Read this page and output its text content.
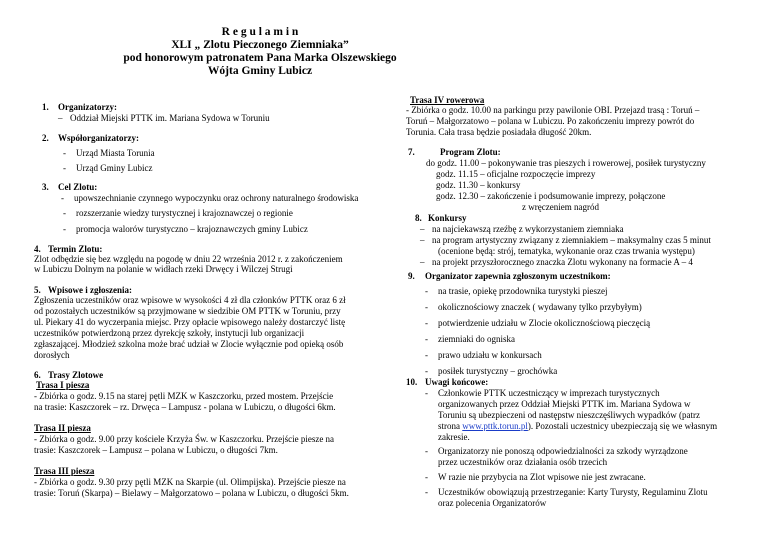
R e g u l a m i n
XLI „ Zlotu Pieczonego Ziemniaka”
pod honorowym patronatem Pana Marka Olszewskiego
Wójta Gminy Lubicz
1. Organizatorzy:
– Oddział Miejski PTTK im. Mariana Sydowa w Toruniu
2. Współorganizatorzy:
- Urząd Miasta Torunia
- Urząd Gminy Lubicz
3. Cel Zlotu:
- upowszechnianie czynnego wypoczynku oraz ochrony naturalnego środowiska
- rozszerzanie wiedzy turystycznej i krajoznawczej o regionie
- promocja walorów turystyczno – krajoznawczych gminy Lubicz
4. Termin Zlotu:
Zlot odbędzie się bez względu na pogodę w dniu 22 września 2012 r. z zakończeniem
w Lubiczu Dolnym na polanie w widłach rzeki Drwęcy i Wilczej Strugi
5. Wpisowe i zgłoszenia:
Zgłoszenia uczestników oraz wpisowe w wysokości 4 zł dla członków PTTK oraz 6 zł
od pozostałych uczestników są przyjmowane w siedzibie OM PTTK w Toruniu, przy
ul. Piekary 41 do wyczerpania miejsc. Przy opłacie wpisowego należy dostarczyć listę
uczestników potwierdzoną przez dyrekcję szkoły, instytucji lub organizacji
zgłaszającej. Młodzież szkolna może brać udział w Zlocie wyłącznie pod opieką osób
dorosłych
6. Trasy Zlotowe
Trasa I piesza
- Zbiórka o godz. 9.15 na starej pętli MZK w Kaszczorku, przed mostem. Przejście
na trasie: Kaszczorek – rz. Drwęca – Lampusz - polana w Lubiczu, o długości 6km.
Trasa II piesza
- Zbiórka o godz. 9.00 przy kościele Krzyża Św. w Kaszczorku. Przejście piesze na
trasie: Kaszczorek – Lampusz – polana w Lubiczu, o długości 7km.
Trasa III piesza
- Zbiórka o godz. 9.30 przy pętli MZK na Skarpie (ul. Olimpijska). Przejście piesze na
trasie: Toruń (Skarpa) – Bielawy – Małgorzatowo – polana w Lubiczu, o długości 5km.
Trasa IV rowerowa
- Zbiórka o godz. 10.00 na parkingu przy pawilonie OBI. Przejazd trasą : Toruń –
Toruń – Małgorzatowo – polana w Lubiczu. Po zakończeniu imprezy powrót do
Torunia. Cała trasa będzie posiadała długość 20km.
7.	Program Zlotu:
do godz. 11.00 – pokonywanie tras pieszych i rowerowej, posiłek turystyczny
godz. 11.15 – oficjalne rozpoczęcie imprezy
godz. 11.30 – konkursy
godz. 12.30 – zakończenie i podsumowanie imprezy, połączone
z wręczeniem nagród
8. Konkursy
– na najciekawszą rzeźbę z wykorzystaniem ziemniaka
– na program artystyczny związany z ziemniakiem – maksymalny czas 5 minut
(ocenione będą: strój, tematyka, wykonanie oraz czas trwania występu)
– na projekt przyszłorocznego znaczka Zlotu wykonany na formacie A – 4
9. Organizator zapewnia zgłoszonym uczestnikom:
- na trasie, opiekę przodownika turystyki pieszej
- okolicznościowy znaczek ( wydawany tylko przybyłym)
- potwierdzenie udziału w Zlocie okolicznościową pieczęcią
- ziemniaki do ogniska
- prawo udziału w konkursach
- posiłek turystyczny – grochówka
10. Uwagi końcowe:
- Członkowie PTTK uczestniczący w imprezach turystycznych
organizowanych przez Oddział Miejski PTTK im. Mariana Sydowa w
Toruniu są ubezpieczeni od następstw nieszczęśliwych wypadków (patrz
strona www.pttk.torun.pl). Pozostali uczestnicy ubezpieczają się we własnym
zakresie.
- Organizatorzy nie ponoszą odpowiedzialności za szkody wyrządzone
przez uczestników oraz działania osób trzecich
- W razie nie przybycia na Zlot wpisowe nie jest zwracane.
- Uczestników obowiązują przestrzeganie: Karty Turysty, Regulaminu Zlotu
oraz polecenia Organizatorów
